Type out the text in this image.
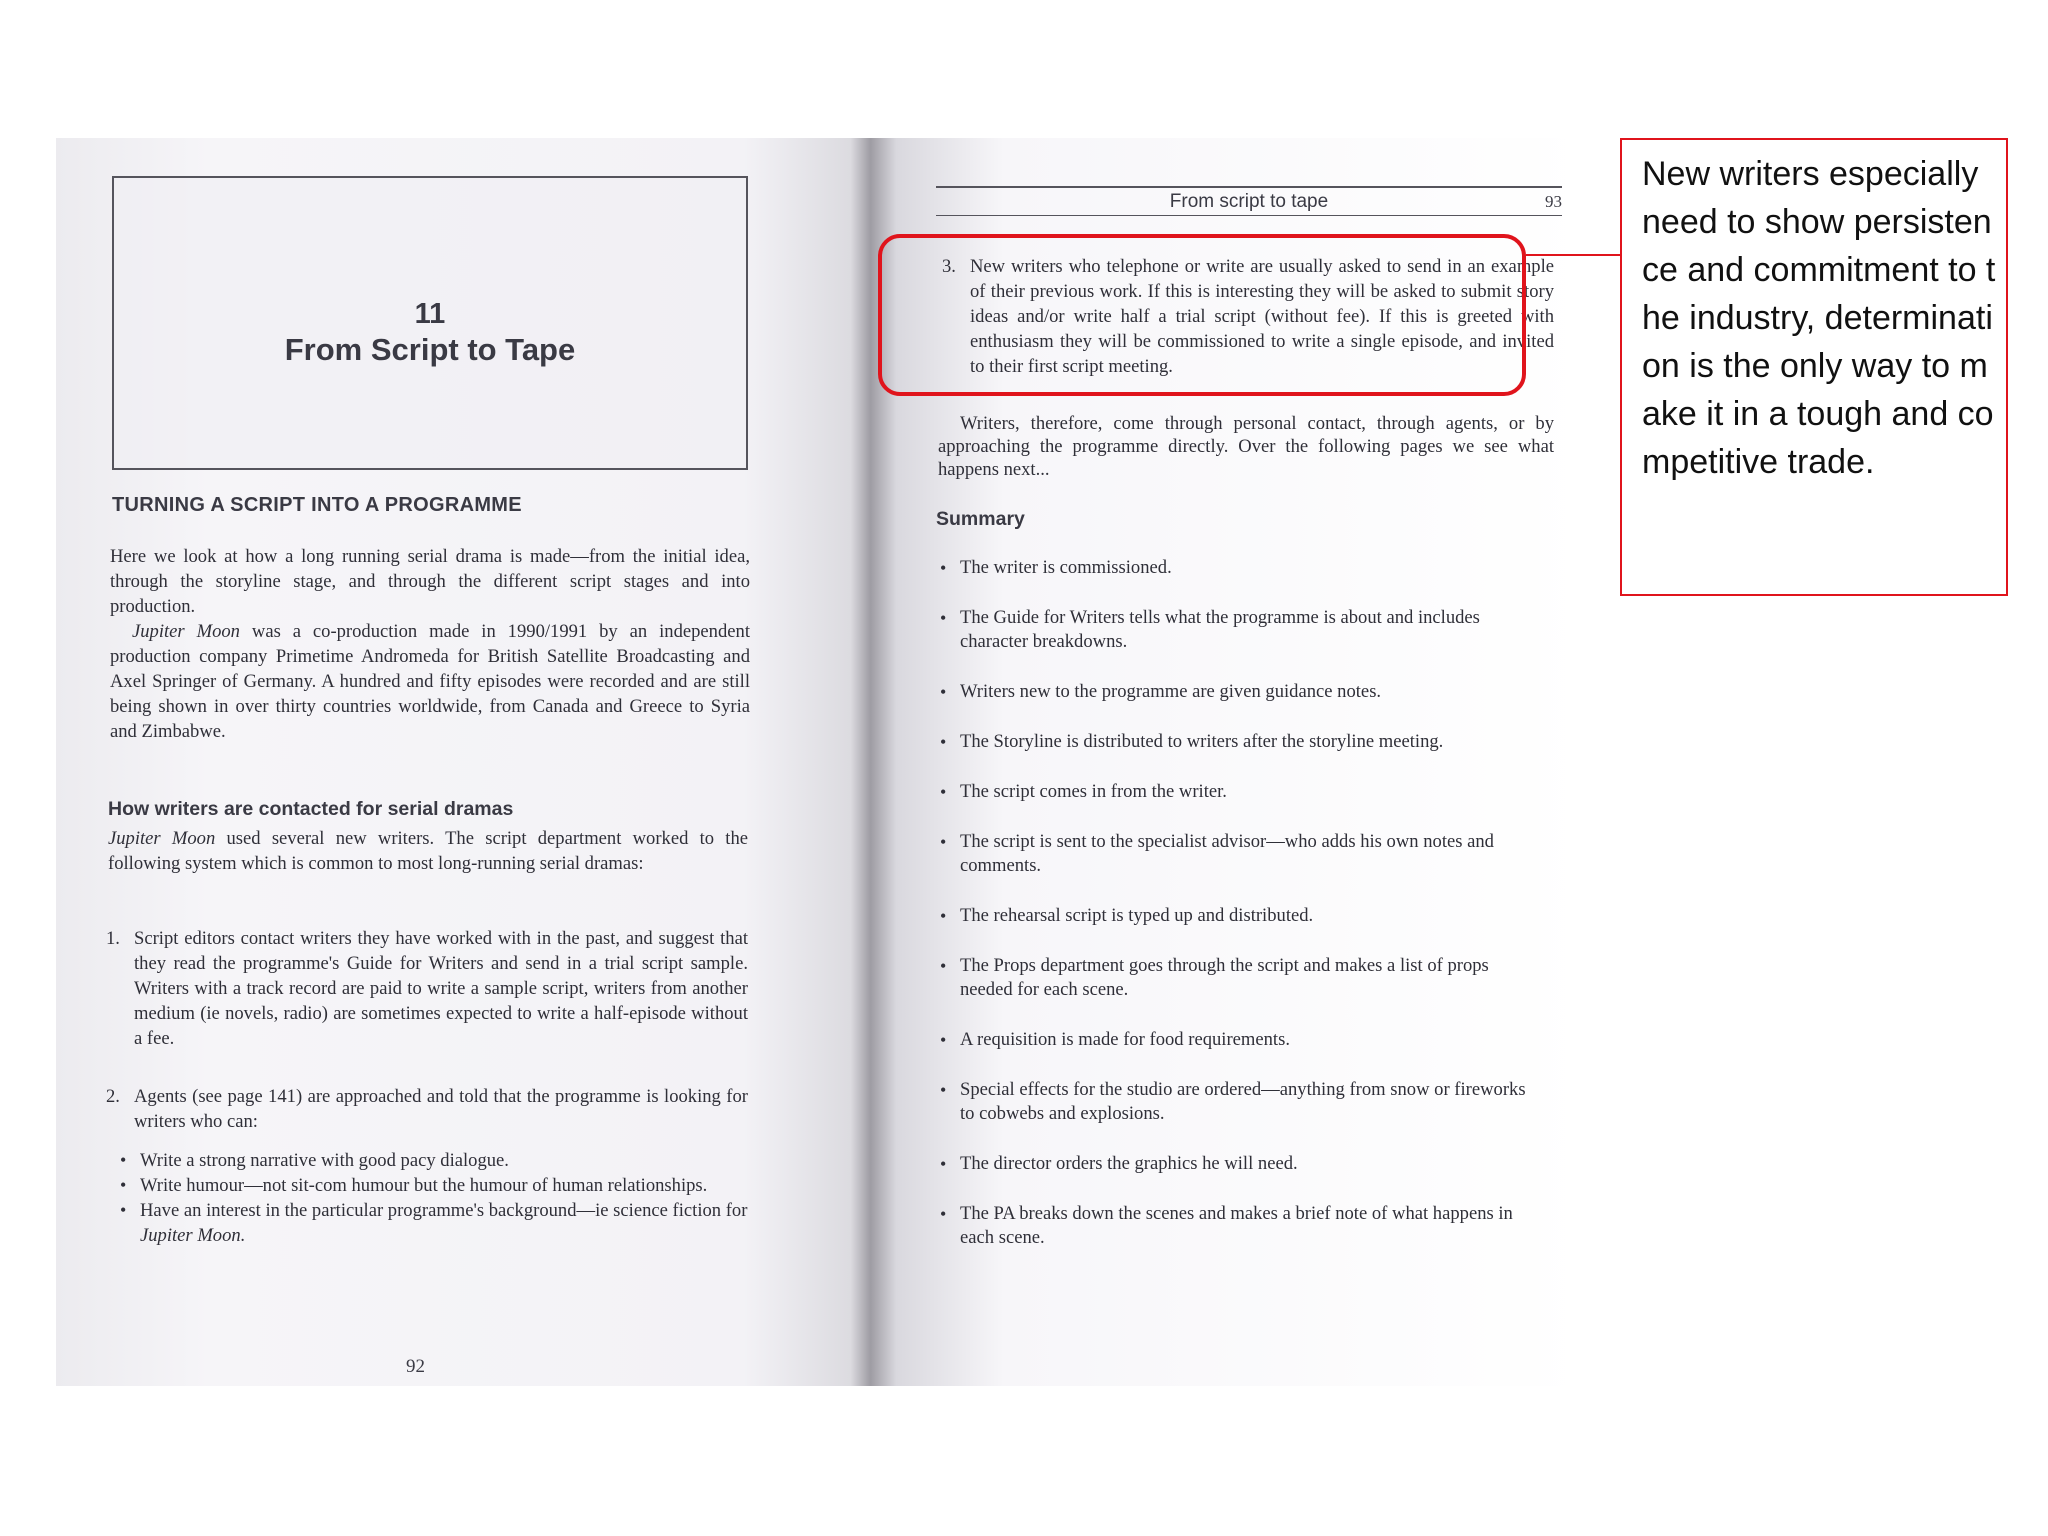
11
From Script to Tape
TURNING A SCRIPT INTO A PROGRAMME

Here we look at how a long running serial drama is made—from the initial idea, through the storyline stage, and through the different script stages and into production.

Jupiter Moon was a co-production made in 1990/1991 by an independent production company Primetime Andromeda for British Satellite Broadcasting and Axel Springer of Germany. A hundred and fifty episodes were recorded and are still being shown in over thirty countries worldwide, from Canada and Greece to Syria and Zimbabwe.

How writers are contacted for serial dramas

Jupiter Moon used several new writers. The script department worked to the following system which is common to most long-running serial dramas:

1. Script editors contact writers they have worked with in the past, and suggest that they read the programme's Guide for Writers and send in a trial script sample. Writers with a track record are paid to write a sample script, writers from another medium (ie novels, radio) are sometimes expected to write a half-episode without a fee.
2. Agents (see page 141) are approached and told that the programme is looking for writers who can:
• Write a strong narrative with good pacy dialogue.
• Write humour—not sit-com humour but the humour of human relationships.
• Have an interest in the particular programme's background—ie science fiction for Jupiter Moon.
92
From script to tape	93
3. New writers who telephone or write are usually asked to send in an example of their previous work. If this is interesting they will be asked to submit story ideas and/or write half a trial script (without fee). If this is greeted with enthusiasm they will be commissioned to write a single episode, and invited to their first script meeting.

Writers, therefore, come through personal contact, through agents, or by approaching the programme directly. Over the following pages we see what happens next...

Summary
• The writer is commissioned.
• The Guide for Writers tells what the programme is about and includes character breakdowns.
• Writers new to the programme are given guidance notes.
• The Storyline is distributed to writers after the storyline meeting.
• The script comes in from the writer.
• The script is sent to the specialist advisor—who adds his own notes and comments.
• The rehearsal script is typed up and distributed.
• The Props department goes through the script and makes a list of props needed for each scene.
• A requisition is made for food requirements.
• Special effects for the studio are ordered—anything from snow or fireworks to cobwebs and explosions.
• The director orders the graphics he will need.
• The PA breaks down the scenes and makes a brief note of what happens in each scene.
New writers especially need to show persistence and commitment to the industry, determination is the only way to make it in a tough and competitive trade.
